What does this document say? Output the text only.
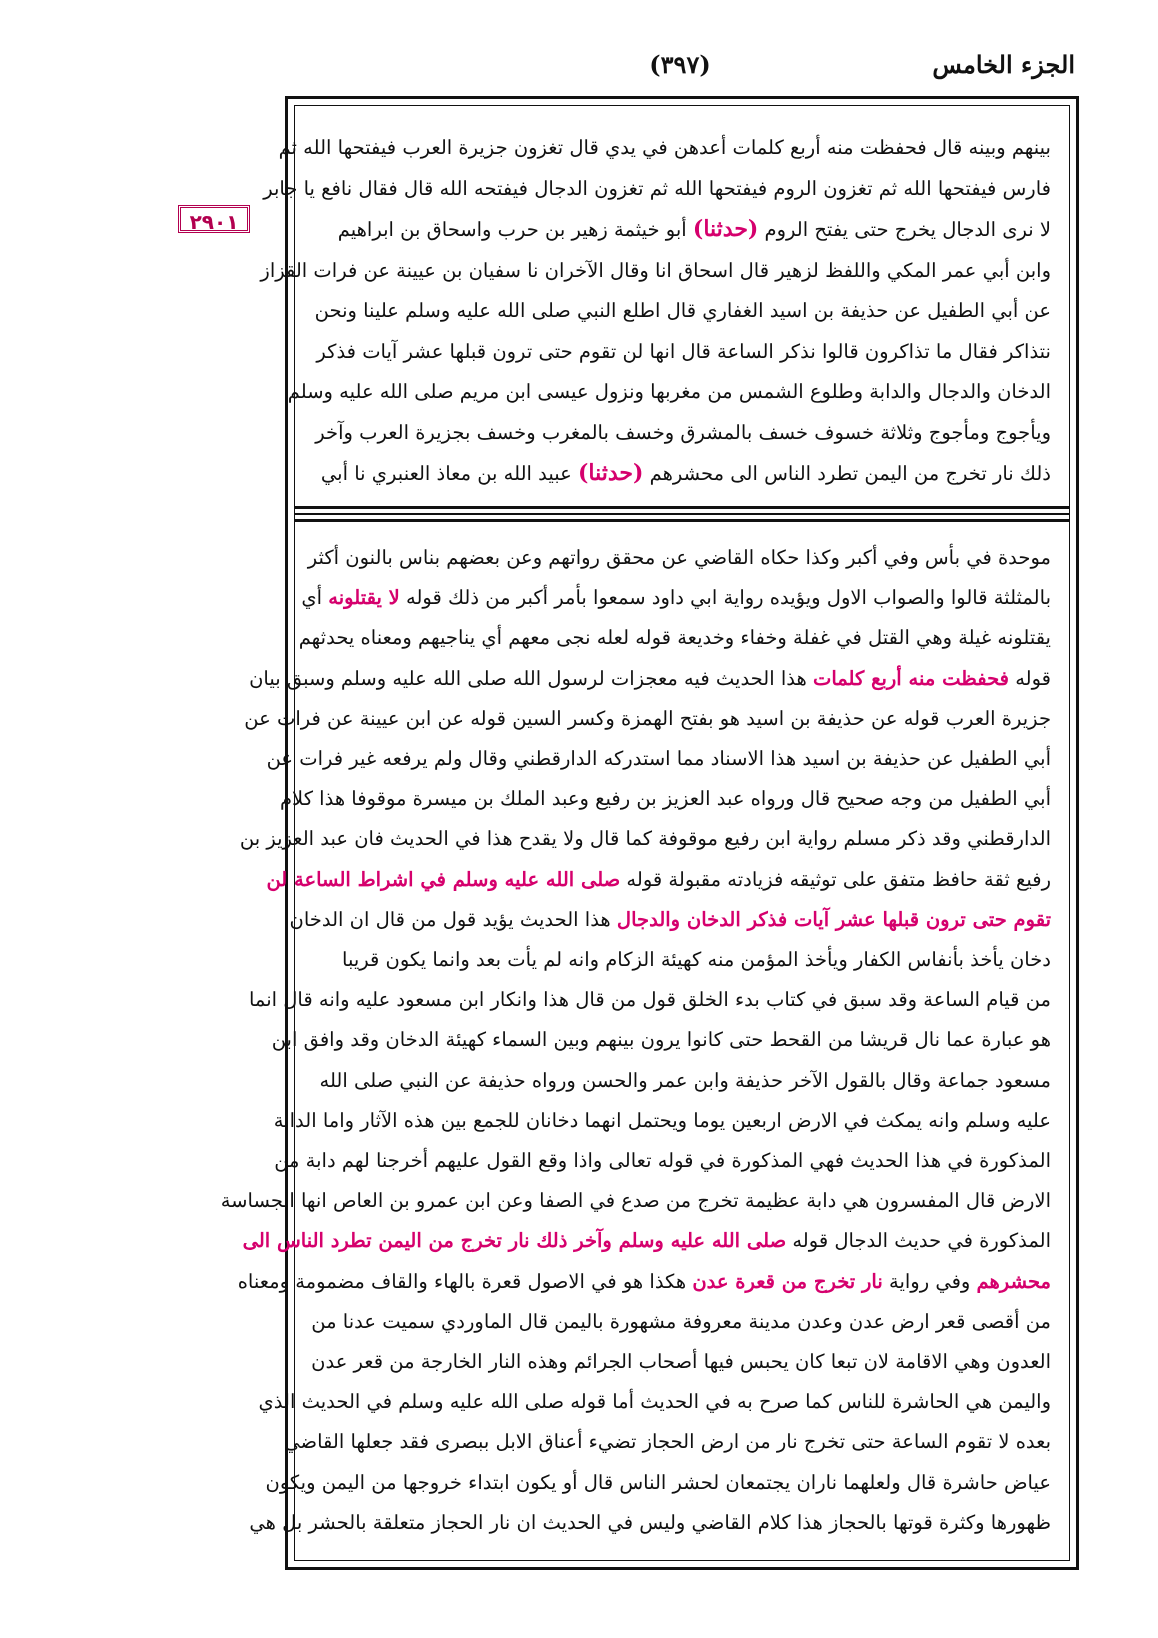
الجزء الخامس
(٣٩٧)
٢٩٠١
بينهم وبينه قال فحفظت منه أربع كلمات أعدهن في يدي قال تغزون جزيرة العرب فيفتحها الله ثم
فارس فيفتحها الله ثم تغزون الروم فيفتحها الله ثم تغزون الدجال فيفتحه الله قال فقال نافع يا جابر
لا نرى الدجال يخرج حتى يفتح الروم (حدثنا) أبو خيثمة زهير بن حرب واسحاق بن ابراهيم
وابن أبي عمر المكي واللفظ لزهير قال اسحاق انا وقال الآخران نا سفيان بن عيينة عن فرات القزاز
عن أبي الطفيل عن حذيفة بن اسيد الغفاري قال اطلع النبي صلى الله عليه وسلم علينا ونحن
نتذاكر فقال ما تذاكرون قالوا نذكر الساعة قال انها لن تقوم حتى ترون قبلها عشر آيات فذكر
الدخان والدجال والدابة وطلوع الشمس من مغربها ونزول عيسى ابن مريم صلى الله عليه وسلم
ويأجوج ومأجوج وثلاثة خسوف خسف بالمشرق وخسف بالمغرب وخسف بجزيرة العرب وآخر
ذلك نار تخرج من اليمن تطرد الناس الى محشرهم (حدثنا) عبيد الله بن معاذ العنبري نا أبي
موحدة في بأس وفي أكبر وكذا حكاه القاضي عن محقق رواتهم وعن بعضهم بناس بالنون أكثر
بالمثلثة قالوا والصواب الاول ويؤيده رواية ابي داود سمعوا بأمر أكبر من ذلك قوله لا يقتلونه أي
يقتلونه غيلة وهي القتل في غفلة وخفاء وخديعة قوله لعله نجى معهم أي يناجيهم ومعناه يحدثهم
قوله فحفظت منه أربع كلمات هذا الحديث فيه معجزات لرسول الله صلى الله عليه وسلم وسبق بيان
جزيرة العرب قوله عن حذيفة بن اسيد هو بفتح الهمزة وكسر السين قوله عن ابن عيينة عن فرات عن
أبي الطفيل عن حذيفة بن اسيد هذا الاسناد مما استدركه الدارقطني وقال ولم يرفعه غير فرات عن
أبي الطفيل من وجه صحيح قال ورواه عبد العزيز بن رفيع وعبد الملك بن ميسرة موقوفا هذا كلام
الدارقطني وقد ذكر مسلم رواية ابن رفيع موقوفة كما قال ولا يقدح هذا في الحديث فان عبد العزيز بن
رفيع ثقة حافظ متفق على توثيقه فزيادته مقبولة قوله صلى الله عليه وسلم في اشراط الساعة لن
تقوم حتى ترون قبلها عشر آيات فذكر الدخان والدجال هذا الحديث يؤيد قول من قال ان الدخان
دخان يأخذ بأنفاس الكفار ويأخذ المؤمن منه كهيئة الزكام وانه لم يأت بعد وانما يكون قريبا
من قيام الساعة وقد سبق في كتاب بدء الخلق قول من قال هذا وانكار ابن مسعود عليه وانه قال انما
هو عبارة عما نال قريشا من القحط حتى كانوا يرون بينهم وبين السماء كهيئة الدخان وقد وافق ابن
مسعود جماعة وقال بالقول الآخر حذيفة وابن عمر والحسن ورواه حذيفة عن النبي صلى الله
عليه وسلم وانه يمكث في الارض اربعين يوما ويحتمل انهما دخانان للجمع بين هذه الآثار واما الدابة
المذكورة في هذا الحديث فهي المذكورة في قوله تعالى واذا وقع القول عليهم أخرجنا لهم دابة من
الارض قال المفسرون هي دابة عظيمة تخرج من صدع في الصفا وعن ابن عمرو بن العاص انها الجساسة
المذكورة في حديث الدجال قوله صلى الله عليه وسلم وآخر ذلك نار تخرج من اليمن تطرد الناس الى
محشرهم وفي رواية نار تخرج من قعرة عدن هكذا هو في الاصول قعرة بالهاء والقاف مضمومة ومعناه
من أقصى قعر ارض عدن وعدن مدينة معروفة مشهورة باليمن قال الماوردي سميت عدنا من
العدون وهي الاقامة لان تبعا كان يحبس فيها أصحاب الجرائم وهذه النار الخارجة من قعر عدن
واليمن هي الحاشرة للناس كما صرح به في الحديث أما قوله صلى الله عليه وسلم في الحديث الذي
بعده لا تقوم الساعة حتى تخرج نار من ارض الحجاز تضيء أعناق الابل ببصرى فقد جعلها القاضي
عياض حاشرة قال ولعلهما ناران يجتمعان لحشر الناس قال أو يكون ابتداء خروجها من اليمن ويكون
ظهورها وكثرة قوتها بالحجاز هذا كلام القاضي وليس في الحديث ان نار الحجاز متعلقة بالحشر بل هي
